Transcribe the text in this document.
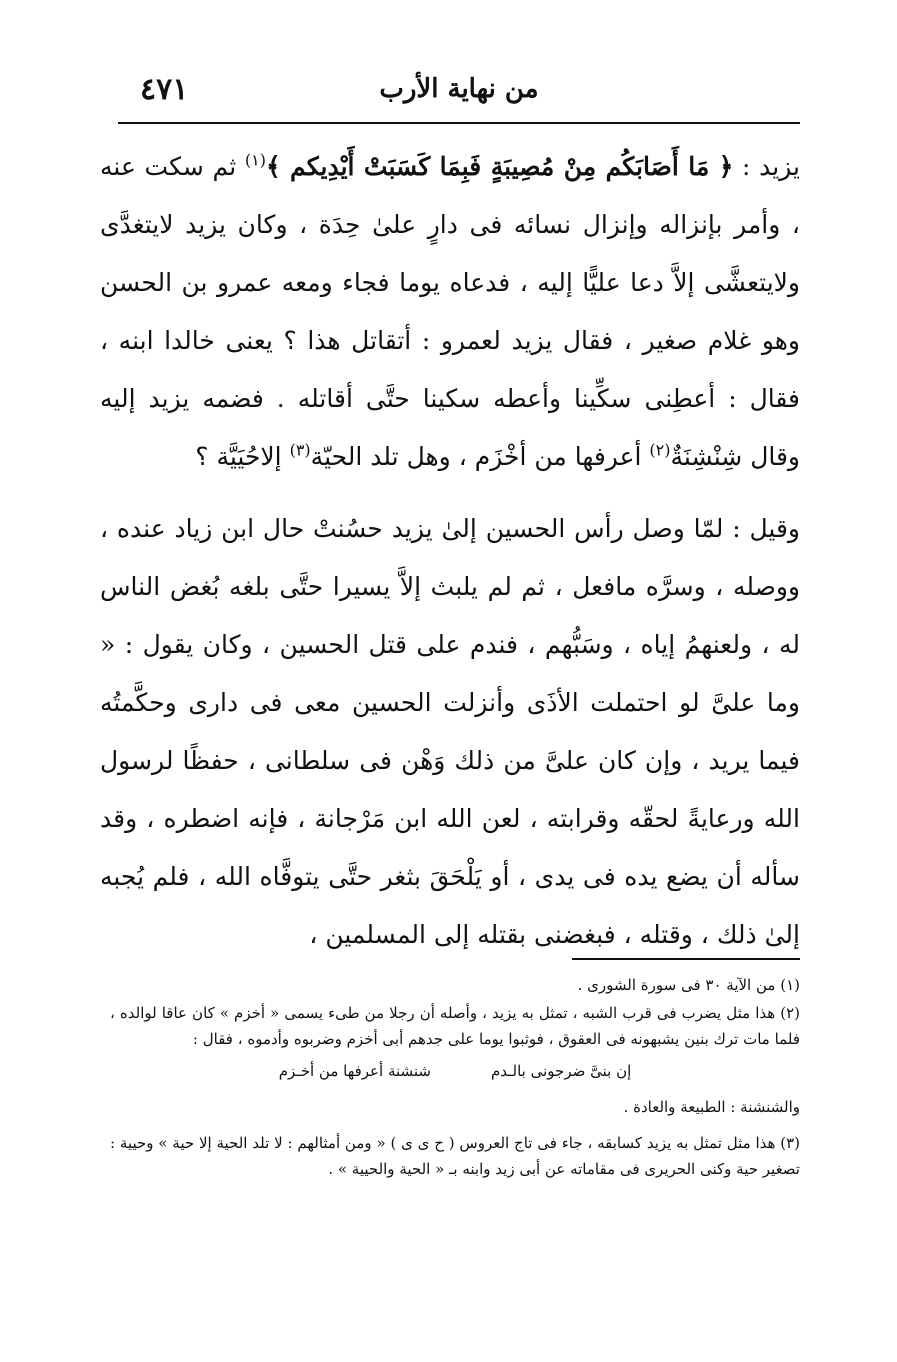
٤٧١	من نهاية الأرب

يزيد : ﴿ مَا أَصَابَكُم مِنْ مُصِيبَةٍ فَبِمَا كَسَبَتْ أَيْدِيكم ﴾$^{(١)}$ ثم سكت عنه ، وأمر بإنزاله وإنزال نسائه فى دارٍ علىٰ حِدَة ، وكان يزيد لايتغدَّى ولايتعشَّى إلاَّ دعا عليًّا إليه ، فدعاه يوما فجاء ومعه عمرو بن الحسن وهو غلام صغير ، فقال يزيد لعمرو : أتقاتل هذا ؟ يعنى خالدا ابنه ، فقال : أعطِنى سكِّينا وأعطه سكينا حتَّى أقاتله . فضمه يزيد إليه وقال شِنْشِنَةٌ$^{(٢)}$ أعرفها من أخْزَم ، وهل تلد الحيّة$^{(٣)}$ إلاحُيَيَّة ؟

وقيل : لمّا وصل رأس الحسين إلىٰ يزيد حسُنتْ حال ابن زياد عنده ، ووصله ، وسرَّه مافعل ، ثم لم يلبث إلاَّ يسيرا حتَّى بلغه بُغض الناس له ، ولعنهمُ إياه ، وسَبُّهم ، فندم على قتل الحسين ، وكان يقول : « وما علىَّ لو احتملت الأذَى وأنزلت الحسين معى فى دارى وحكَّمتُه فيما يريد ، وإن كان علىَّ من ذلك وَهْن فى سلطانى ، حفظًا لرسول الله ورعايةً لحقّه وقرابته ، لعن الله ابن مَرْجانة ، فإنه اضطره ، وقد سأله أن يضع يده فى يدى ، أو يَلْحَقَ بثغر حتَّى يتوفَّاه الله ، فلم يُجبه إلىٰ ذلك ، وقتله ، فبغضنى بقتله إلى المسلمين ،

(١) من الآية ٣٠ فى سورة الشورى .

(٢) هذا مثل يضرب فى قرب الشبه ، تمثل به يزيد ، وأصله أن رجلا من طىء يسمى « أخزم » كان عاقا لوالده ، فلما مات ترك بنين يشبهونه فى العقوق ، فوثبوا يوما على جدهم أبى أخزم وضربوه وأدموه ، فقال :

إن بنىَّ ضرجونى بالـدم
شنشنة أعرفها من أخـزم

والشنشنة : الطبيعة والعادة .

(٣) هذا مثل تمثل به يزيد كسابقه ، جاء فى تاج العروس ( ح ى ى ) « ومن أمثالهم : لا تلد الحية إلا حية » وحيية : تصغير حية وكنى الحريرى فى مقاماته عن أبى زيد وابنه بـ « الحية والحيية » .
